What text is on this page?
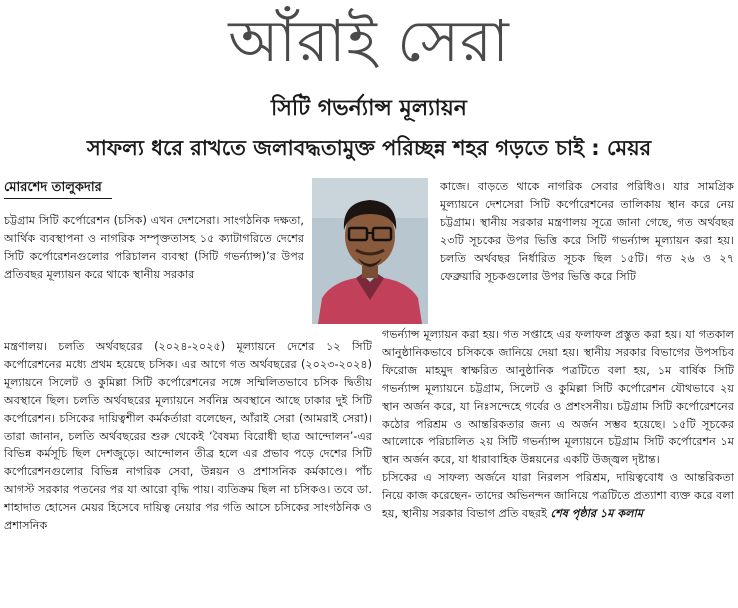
আঁরাই সেরা
সিটি গভর্ন্যান্স মূল্যায়ন
সাফল্য ধরে রাখতে জলাবদ্ধতামুক্ত পরিচ্ছন্ন শহর গড়তে চাই : মেয়র
মোরশেদ তালুকদার

চট্টগ্রাম সিটি কর্পোরেশন (চসিক) এখন দেশসেরা। সাংগঠনিক দক্ষতা, আর্থিক ব্যবস্থাপনা ও নাগরিক সম্পৃক্ততাসহ ১৫ ক্যাটাগরিতে দেশের সিটি কর্পোরেশনগুলোর পরিচালন ব্যবস্থা (সিটি গভর্ন্যান্স)’র উপর প্রতিবছর মূল্যায়ন করে থাকে স্থানীয় সরকার

মন্ত্রণালয়। চলতি অর্থবছরের (২০২৪-২০২৫) মূল্যায়নে দেশের ১২ সিটি কর্পোরেশনের মধ্যে প্রথম হয়েছে চসিক। এর আগে গত অর্থবছরের (২০২৩-২০২৪) মূল্যায়নে সিলেট ও কুমিল্লা সিটি কর্পোরেশনের সঙ্গে সম্মিলিতভাবে চসিক দ্বিতীয় অবস্থানে ছিল। চলতি অর্থবছরের মূল্যায়নে সর্বনিম্ন অবস্থানে আছে ঢাকার দুই সিটি কর্পোরেশন। চসিকের দায়িত্বশীল কর্মকর্তারা বলেছেন, আঁরাই সেরা (আমরাই সেরা)। তারা জানান, চলতি অর্থবছরের শুরু থেকেই ‘বৈষম্য বিরোধী ছাত্র আন্দোলন’-এর বিভিন্ন কর্মসূচি ছিল দেশজুড়ে। আন্দোলন তীব্র হলে এর প্রভাব পড়ে দেশের সিটি কর্পোরেশনগুলোর বিভিন্ন নাগরিক সেবা, উন্নয়ন ও প্রশাসনিক কর্মকাণ্ডে। পাঁচ আগস্ট সরকার পতনের পর যা আরো বৃদ্ধি পায়। ব্যতিক্রম ছিল না চসিকও। তবে ডা. শাহাদাত হোসেন মেয়র হিসেবে দায়িত্ব নেয়ার পর গতি আসে চসিকের সাংগঠনিক ও প্রশাসনিক

কাজে। বাড়তে থাকে নাগরিক সেবার পরিধিও। যার সামগ্রিক মূল্যায়নে দেশসেরা সিটি কর্পোরেশনের তালিকায় স্থান করে নেয় চট্টগ্রাম। স্থানীয় সরকার মন্ত্রণালয় সূত্রে জানা গেছে, গত অর্থবছর ২৩টি সূচকের উপর ভিত্তি করে সিটি গভর্ন্যান্স মূল্যায়ন করা হয়। চলতি অর্থবছর নির্ধারিত সূচক ছিল ১৫টি। গত ২৬ ও ২৭ ফেব্রুয়ারি সূচকগুলোর উপর ভিত্তি করে সিটি

গভর্ন্যান্স মূল্যায়ন করা হয়। গত সপ্তাহে এর ফলাফল প্রস্তুত করা হয়। যা গতকাল আনুষ্ঠানিকভাবে চসিককে জানিয়ে দেয়া হয়। স্থানীয় সরকার বিভাগের উপসচিব ফিরোজ মাহমুদ স্বাক্ষরিত আনুষ্ঠানিক পত্রটিতে বলা হয়, ১ম বার্ষিক সিটি গভর্ন্যান্স মূল্যায়নে চট্টগ্রাম, সিলেট ও কুমিল্লা সিটি কর্পোরেশন যৌথভাবে ২য় স্থান অর্জন করে, যা নিঃসন্দেহে গর্বের ও প্রশংসনীয়। চট্টগ্রাম সিটি কর্পোরেশনের কঠোর পরিশ্রম ও আন্তরিকতার জন্য এ অর্জন সম্ভব হয়েছে। ১৫টি সূচকের আলোকে পরিচালিত ২য় সিটি গভর্ন্যান্স মূল্যায়নে চট্টগ্রাম সিটি কর্পোরেশন ১ম স্থান অর্জন করে, যা ধারাবাহিক উন্নয়নের একটি উজ্জ্বল দৃষ্টান্ত।

চসিকের এ সাফল্য অর্জনে যারা নিরলস পরিশ্রম, দায়িত্ববোধ ও আন্তরিকতা নিয়ে কাজ করেছেন- তাদের অভিনন্দন জানিয়ে পত্রটিতে প্রত্যাশা ব্যক্ত করে বলা হয়, স্থানীয় সরকার বিভাগ প্রতি বছরই শেষ পৃষ্ঠার ১ম কলাম
